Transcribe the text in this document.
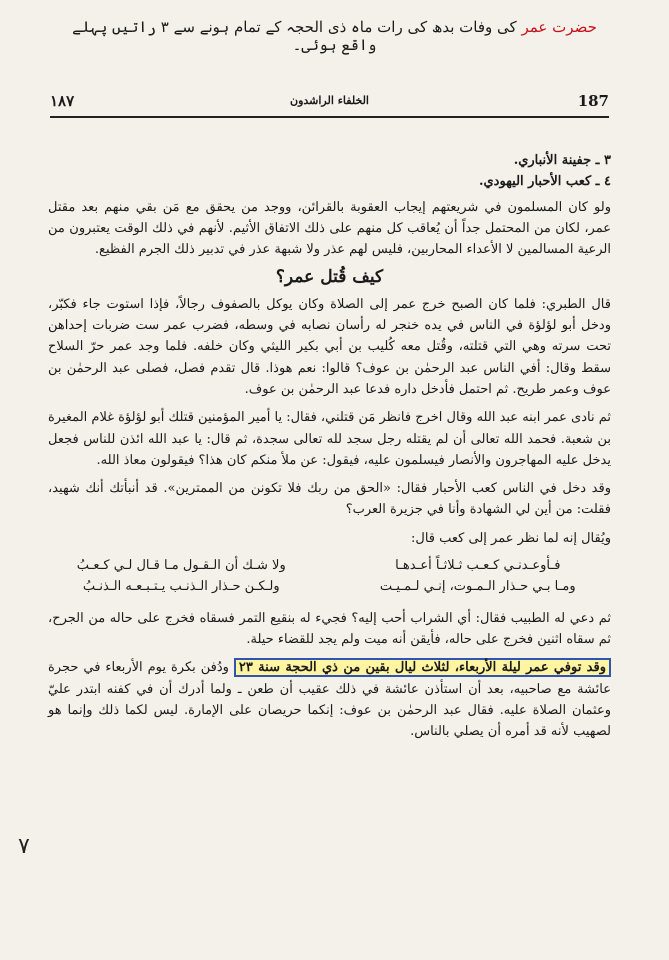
حضرت عمر کی وفات بدھ کی رات ماہ ذی الحجہ کے تمام ہونے سے ۳ راتیں پہلے واقع ہوئی۔
187
الخلفاء الراشدون
١٨٧

٣ ـ جفينة الأنباري.

٤ ـ كعب الأحبار اليهودي.

ولو كان المسلمون في شريعتهم إيجاب العقوبة بالقرائن، ووجد من يحقق مع مَن بقي منهم بعد مقتل عمر، لكان من المحتمل جداً أن يُعاقب كل منهم على ذلك الاتفاق الأثيم. لأنهم في ذلك الوقت يعتبرون من الرعية المسالمين لا الأعداء المحاربين، فليس لهم عذر ولا شبهة عذر في تدبير ذلك الجرم الفظيع.

كيف قُتل عمر؟

قال الطبري: فلما كان الصبح خرج عمر إلى الصلاة وكان يوكل بالصفوف رجالاً، فإذا استوت جاء فكبّر، ودخل أبو لؤلؤة في الناس في يده خنجر له رأسان نصابه في وسطه، فضرب عمر ست ضربات إحداهن تحت سرته وهي التي قتلته، وقُتل معه كُليب بن أبي بكير الليثي وكان خلفه. فلما وجد عمر حرّ السلاح سقط وقال: أفي الناس عبد الرحمٰن بن عوف؟ قالوا: نعم هوذا. قال تقدم فصل، فصلى عبد الرحمٰن بن عوف وعمر طريح. ثم احتمل فأدخل داره فدعا عبد الرحمٰن بن عوف.

ثم نادى عمر ابنه عبد الله وقال اخرج فانظر مَن قتلني، فقال: يا أمير المؤمنين قتلك أبو لؤلؤة غلام المغيرة بن شعبة. فحمد الله تعالى أن لم يقتله رجل سجد لله تعالى سجدة، ثم قال: يا عبد الله ائذن للناس فجعل يدخل عليه المهاجرون والأنصار فيسلمون عليه، فيقول: عن ملأ منكم كان هذا؟ فيقولون معاذ الله.

وقد دخل في الناس كعب الأحبار فقال: «الحق من ربك فلا تكونن من الممترين». قد أنبأتك أنك شهيد، فقلت: من أين لي الشهادة وأنا في جزيرة العرب؟

ويُقال إنه لما نظر عمر إلى كعب قال:

فـأوعـدنـي كـعـب ثـلاثـاً أعـدهـا
ولا شـك أن الـقـول مـا قـال لـي كـعـبُ
ومـا بـي حـذار الـمـوت، إنـي لـمـيـت
ولـكـن حـذار الـذنـب يـتـبـعـه الـذنـبُ

ثم دعي له الطبيب فقال: أي الشراب أحب إليه؟ فجيء له بنقيع التمر فسقاه فخرج على حاله من الجرح، ثم سقاه اثنين فخرج على حاله، فأيقن أنه ميت ولم يجد للقضاء حيلة.

وقد توفي عمر ليلة الأربعاء، لثلاث ليال بقين من ذي الحجة سنة ٢٣ ودُفن بكرة يوم الأربعاء في حجرة عائشة مع صاحبيه، بعد أن استأذن عائشة في ذلك عقيب أن طعن ـ ولما أدرك أن في كفنه ابتدر عليّ وعثمان الصلاة عليه. فقال عبد الرحمٰن بن عوف: إنكما حريصان على الإمارة. ليس لكما ذلك وإنما هو لصهيب لأنه قد أمره أن يصلي بالناس.

٧
